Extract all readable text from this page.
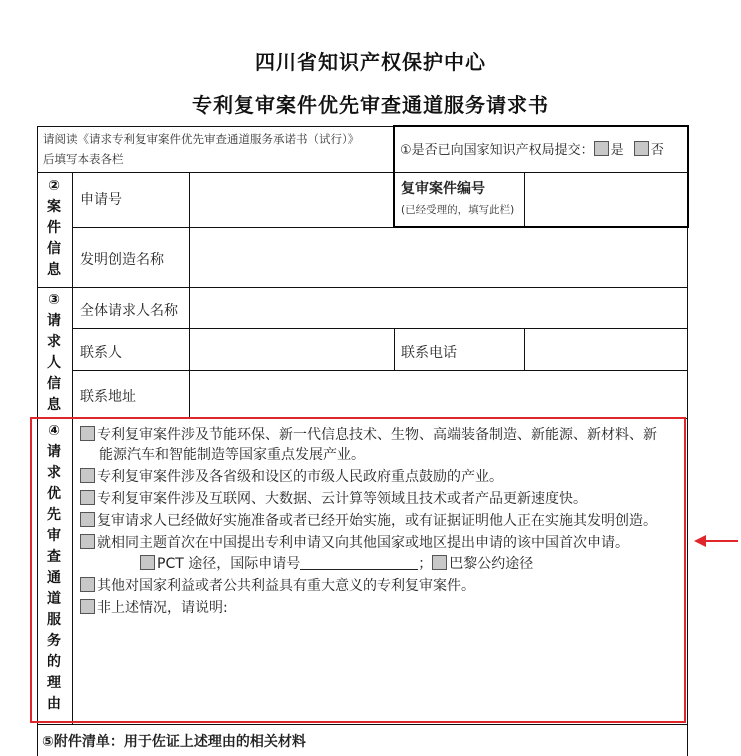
四川省知识产权保护中心
专利复审案件优先审查通道服务请求书
请阅读《请求专利复审案件优先审查通道服务承诺书（试行）》
后填写本表各栏
①是否已向国家知识产权局提交： 是 否
②案件信息
申请号
复审案件编号
(已经受理的，填写此栏)
发明创造名称
③请求人信息
全体请求人名称
联系人	联系电话
联系地址
④请求优先审查通道服务的理由
专利复审案件涉及节能环保、新一代信息技术、生物、高端装备制造、新能源、新材料、新
能源汽车和智能制造等国家重点发展产业。
专利复审案件涉及各省级和设区的市级人民政府重点鼓励的产业。
专利复审案件涉及互联网、大数据、云计算等领域且技术或者产品更新速度快。
复审请求人已经做好实施准备或者已经开始实施，或有证据证明他人正在实施其发明创造。
就相同主题首次在中国提出专利申请又向其他国家或地区提出申请的该中国首次申请。
PCT 途径，国际申请号	； 巴黎公约途径
其他对国家利益或者公共利益具有重大意义的专利复审案件。
非上述情况，请说明:
⑤附件清单：用于佐证上述理由的相关材料
